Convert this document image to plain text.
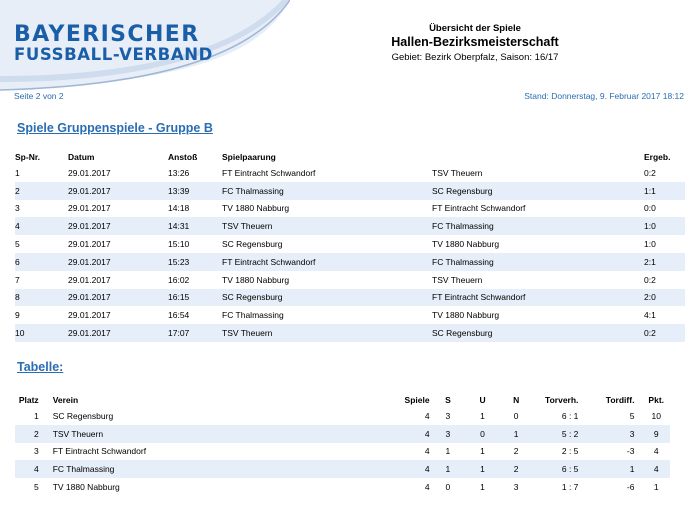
BAYERISCHER
FUSSBALL-VERBAND
Übersicht der Spiele
Hallen-Bezirksmeisterschaft
Gebiet: Bezirk Oberpfalz, Saison: 16/17
Seite 2 von 2	Stand: Donnerstag, 9. Februar 2017 18:12
Spiele Gruppenspiele - Gruppe B
Sp-Nr.	Datum	Anstoß	Spielpaarung		Ergeb.
1	29.01.2017	13:26	FT Eintracht Schwandorf	TSV Theuern	0:2
2	29.01.2017	13:39	FC Thalmassing	SC Regensburg	1:1
3	29.01.2017	14:18	TV 1880 Nabburg	FT Eintracht Schwandorf	0:0
4	29.01.2017	14:31	TSV Theuern	FC Thalmassing	1:0
5	29.01.2017	15:10	SC Regensburg	TV 1880 Nabburg	1:0
6	29.01.2017	15:23	FT Eintracht Schwandorf	FC Thalmassing	2:1
7	29.01.2017	16:02	TV 1880 Nabburg	TSV Theuern	0:2
8	29.01.2017	16:15	SC Regensburg	FT Eintracht Schwandorf	2:0
9	29.01.2017	16:54	FC Thalmassing	TV 1880 Nabburg	4:1
10	29.01.2017	17:07	TSV Theuern	SC Regensburg	0:2
Tabelle:
Platz	Verein	Spiele	S	U	N	Torverh.	Tordiff.	Pkt.
1	SC Regensburg	4	3	1	0	6 : 1	5	10
2	TSV Theuern	4	3	0	1	5 : 2	3	9
3	FT Eintracht Schwandorf	4	1	1	2	2 : 5	-3	4
4	FC Thalmassing	4	1	1	2	6 : 5	1	4
5	TV 1880 Nabburg	4	0	1	3	1 : 7	-6	1
